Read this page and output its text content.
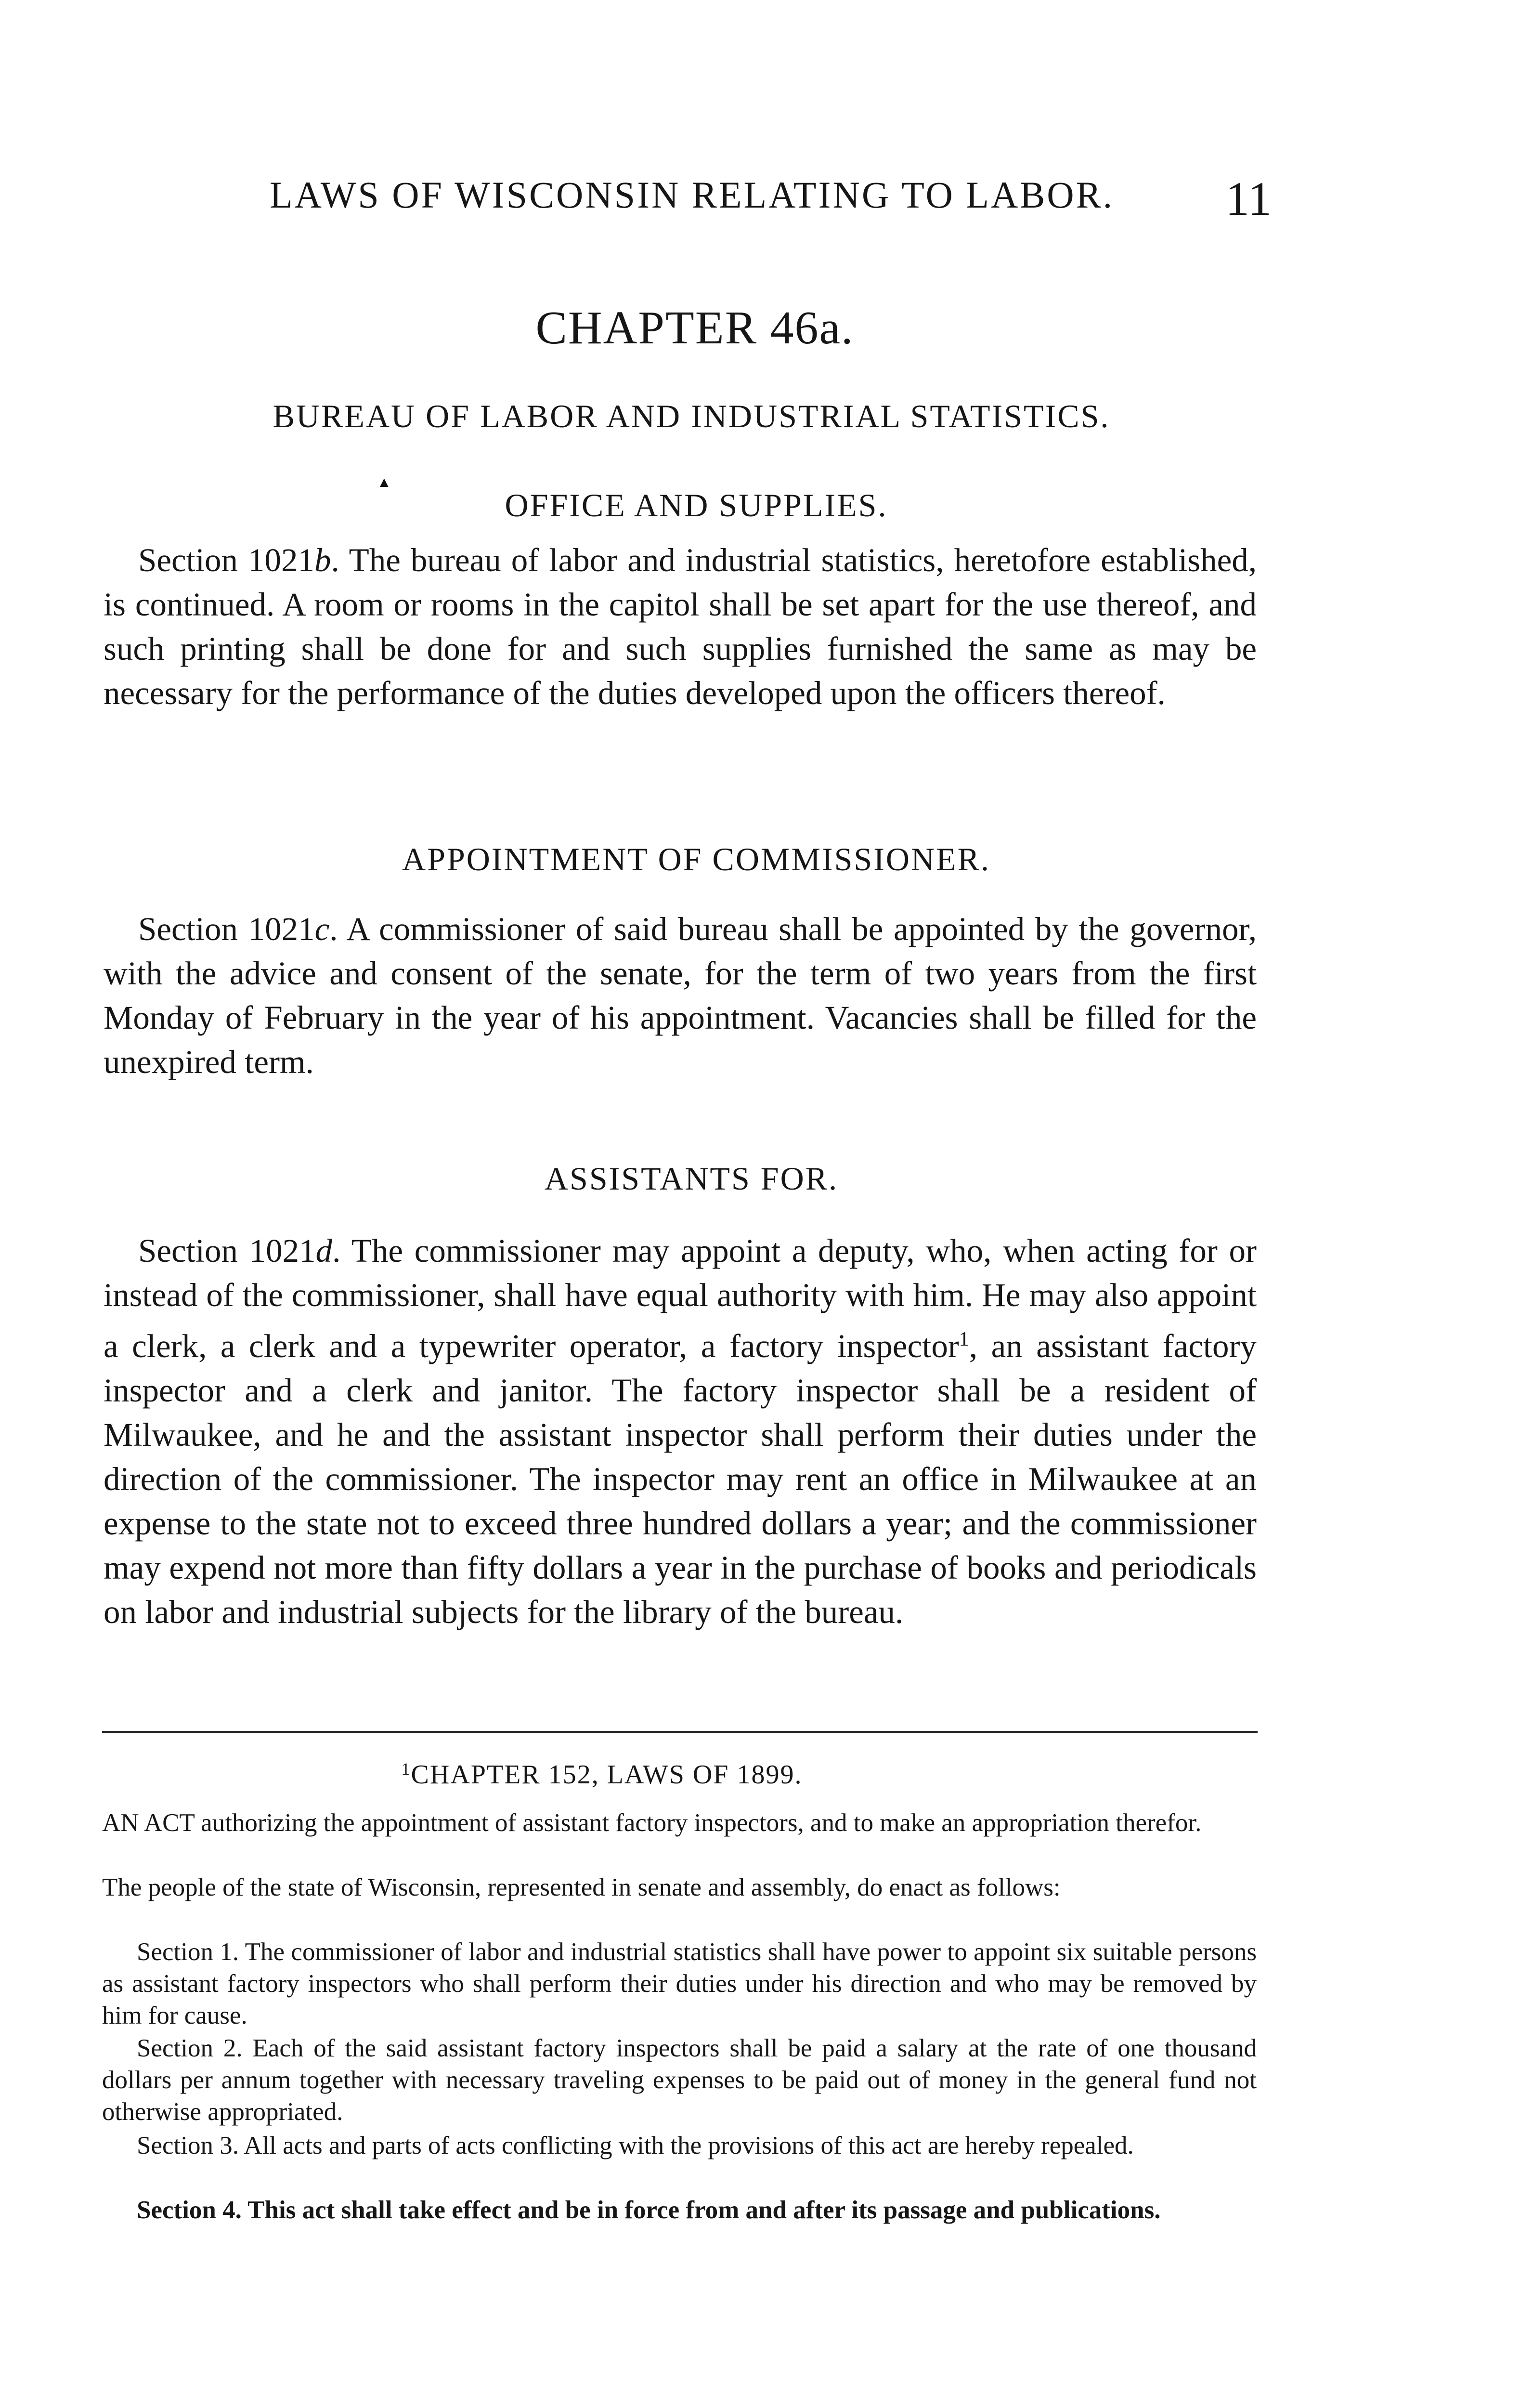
LAWS OF WISCONSIN RELATING TO LABOR. 11
CHAPTER 46a.
BUREAU OF LABOR AND INDUSTRIAL STATISTICS.
▲
OFFICE AND SUPPLIES.
Section 1021b. The bureau of labor and industrial statistics, heretofore established, is continued. A room or rooms in the capitol shall be set apart for the use thereof, and such printing shall be done for and such supplies furnished the same as may be necessary for the performance of the duties developed upon the officers thereof.
APPOINTMENT OF COMMISSIONER.
Section 1021c. A commissioner of said bureau shall be appointed by the governor, with the advice and consent of the senate, for the term of two years from the first Monday of February in the year of his appointment. Vacancies shall be filled for the unexpired term.
ASSISTANTS FOR.
Section 1021d. The commissioner may appoint a deputy, who, when acting for or instead of the commissioner, shall have equal authority with him. He may also appoint a clerk, a clerk and a typewriter operator, a factory inspector$^1$, an assistant factory inspector and a clerk and janitor. The factory inspector shall be a resident of Milwaukee, and he and the assistant inspector shall perform their duties under the direction of the commissioner. The inspector may rent an office in Milwaukee at an expense to the state not to exceed three hundred dollars a year; and the commissioner may expend not more than fifty dollars a year in the purchase of books and periodicals on labor and industrial subjects for the library of the bureau.
$^1$CHAPTER 152, LAWS OF 1899.
AN ACT authorizing the appointment of assistant factory inspectors, and to make an appropriation therefor.
The people of the state of Wisconsin, represented in senate and assembly, do enact as follows:
Section 1. The commissioner of labor and industrial statistics shall have power to appoint six suitable persons as assistant factory inspectors who shall perform their duties under his direction and who may be removed by him for cause.
Section 2. Each of the said assistant factory inspectors shall be paid a salary at the rate of one thousand dollars per annum together with necessary traveling expenses to be paid out of money in the general fund not otherwise appropriated.
Section 3. All acts and parts of acts conflicting with the provisions of this act are hereby repealed.
Section 4. This act shall take effect and be in force from and after its passage and publications.
